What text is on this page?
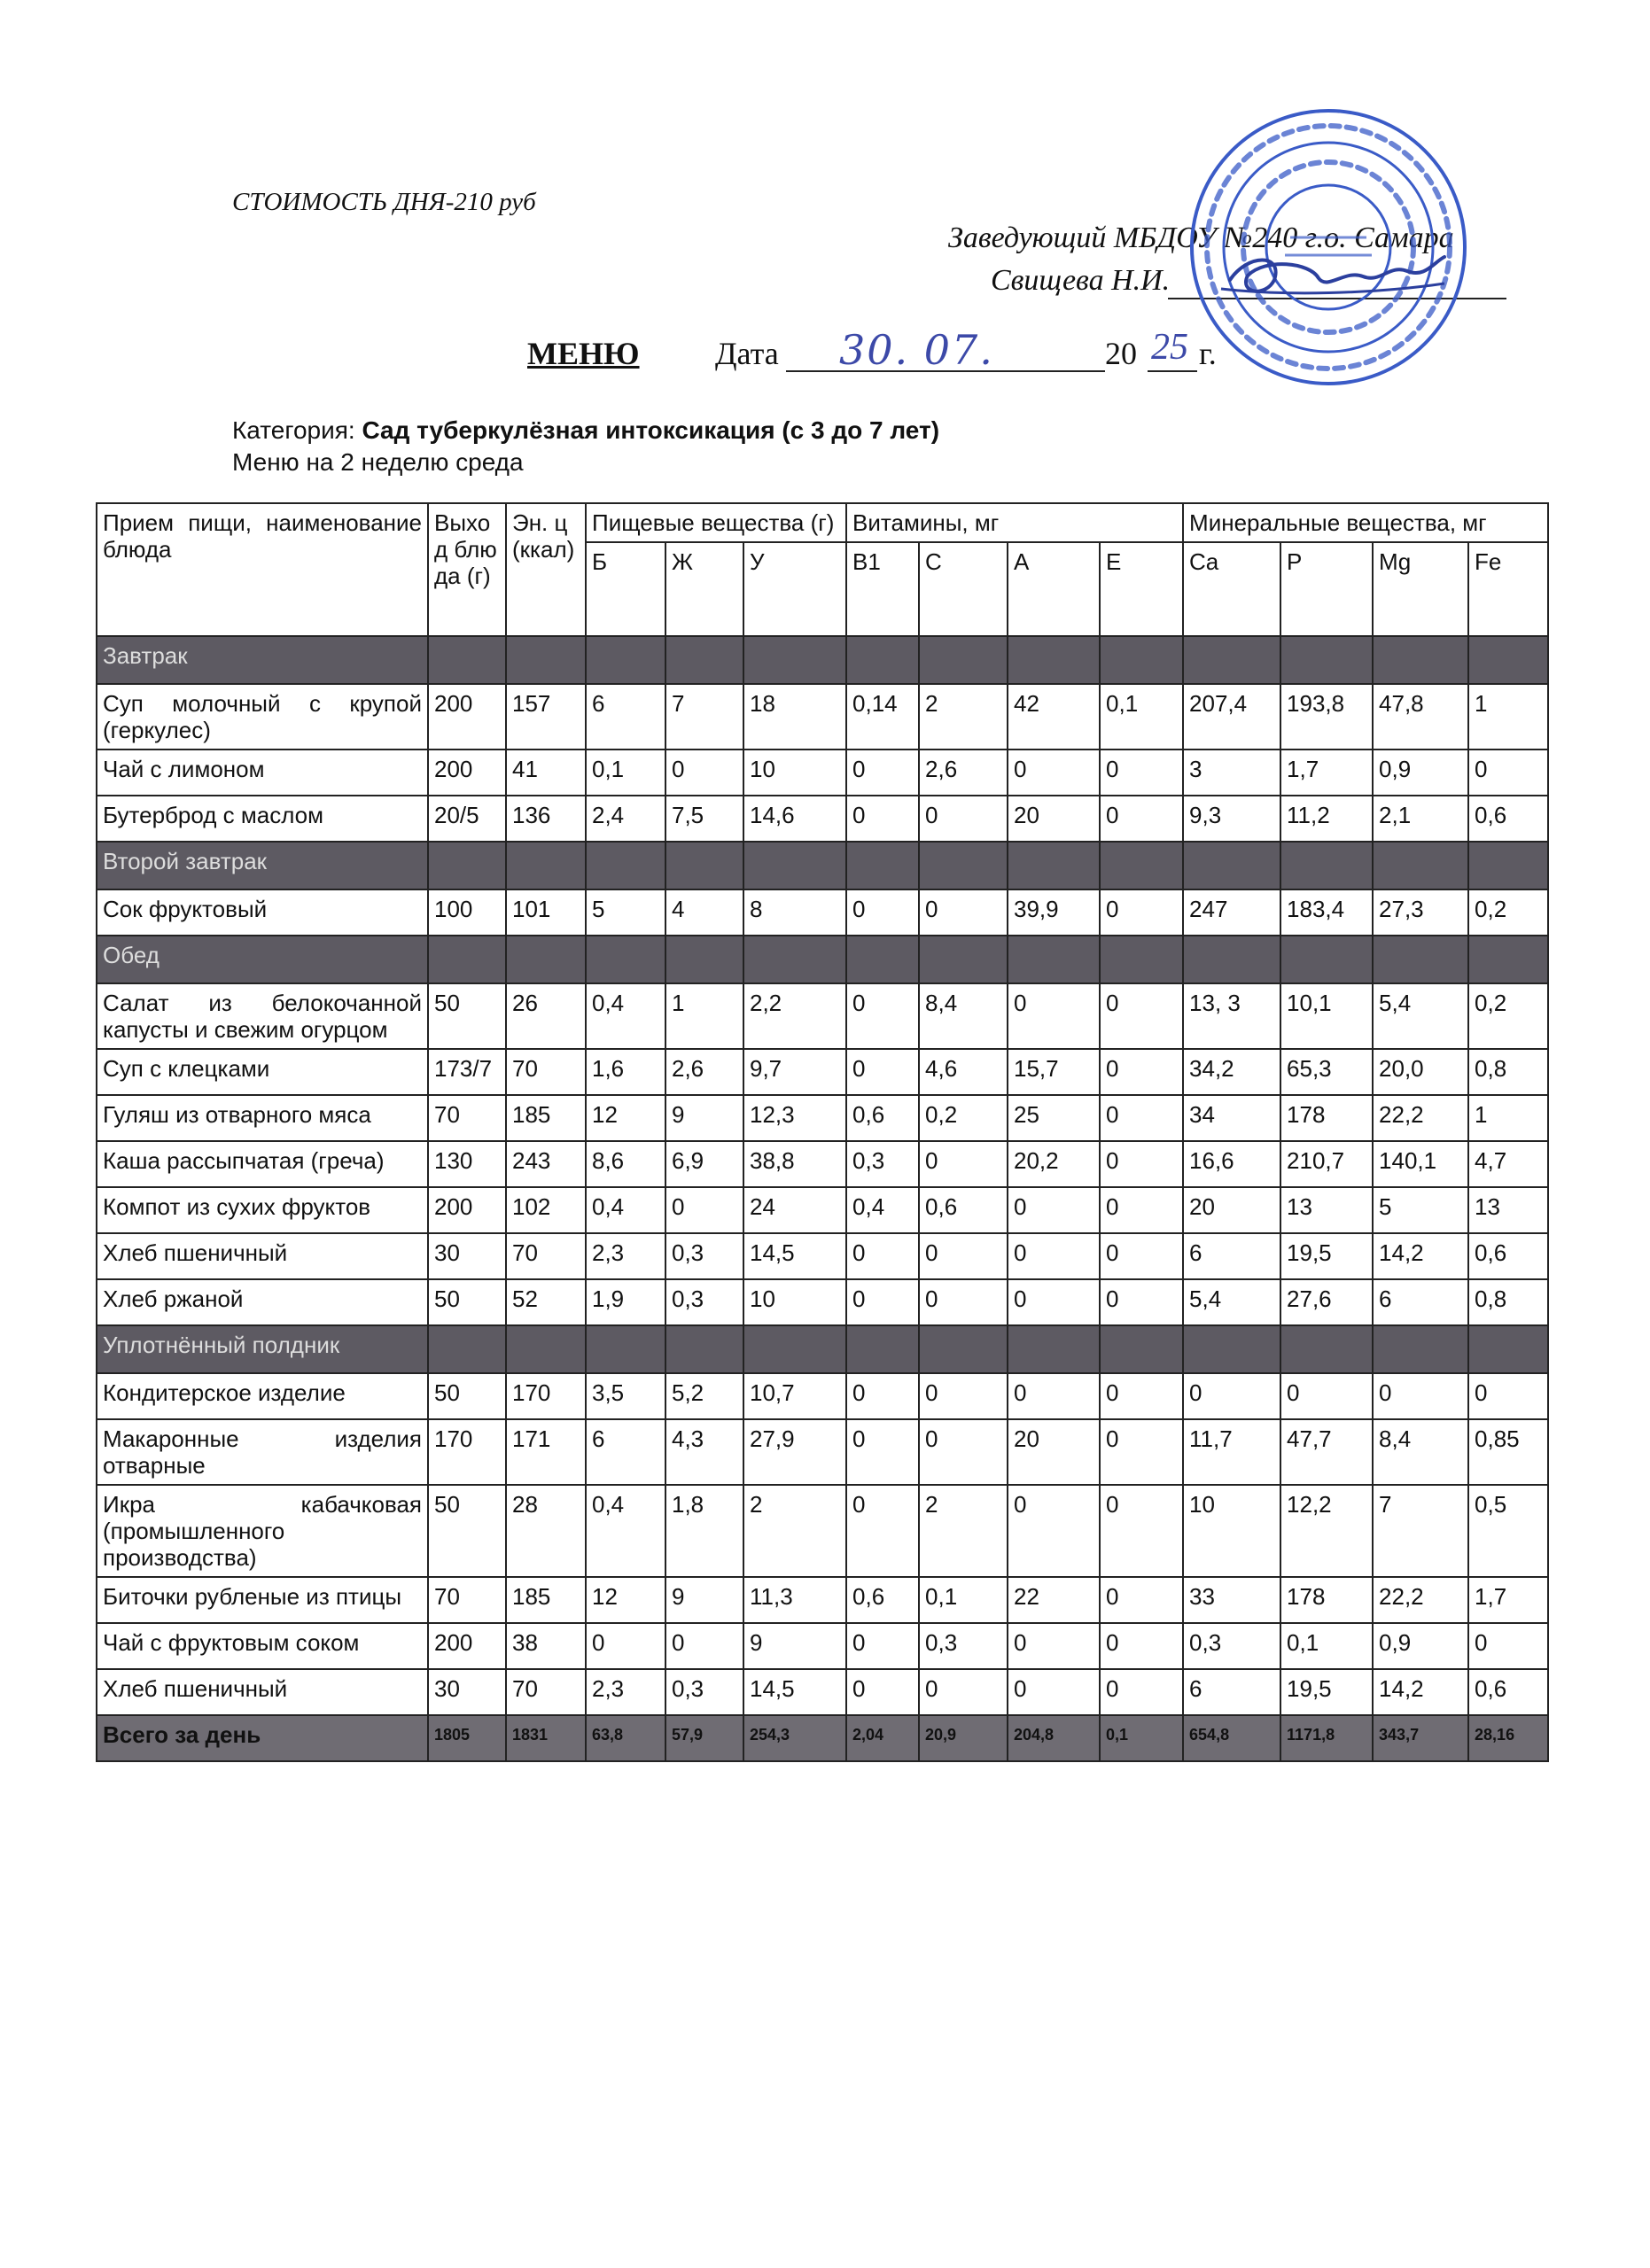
СТОИМОСТЬ ДНЯ-210 руб
Заведующий МБДОУ №240 г.о. Самара
Свищева Н.И.
МЕНЮ Дата 30. 07.	20 25 г.
Категория: Сад туберкулёзная интоксикация (с 3 до 7 лет)
Меню на 2 неделю среда
Прием пищи, наименование блюда	Выход блюда (г)	Эн. ц (ккал)	Пищевые вещества (г)			Витамины, мг				Минеральные вещества, мг			
			Б	Ж	У	B1	C	A	E	Ca	P	Mg	Fe
Завтрак													
Суп молочный с крупой (геркулес)	200	157	6	7	18	0,14	2	42	0,1	207,4	193,8	47,8	1
Чай с лимоном	200	41	0,1	0	10	0	2,6	0	0	3	1,7	0,9	0
Бутерброд с маслом	20/5	136	2,4	7,5	14,6	0	0	20	0	9,3	11,2	2,1	0,6
Второй завтрак													
Сок фруктовый	100	101	5	4	8	0	0	39,9	0	247	183,4	27,3	0,2
Обед													
Салат из белокочанной капусты и свежим огурцом	50	26	0,4	1	2,2	0	8,4	0	0	13, 3	10,1	5,4	0,2
Суп с клецками	173/7	70	1,6	2,6	9,7	0	4,6	15,7	0	34,2	65,3	20,0	0,8
Гуляш из отварного мяса	70	185	12	9	12,3	0,6	0,2	25	0	34	178	22,2	1
Каша рассыпчатая (греча)	130	243	8,6	6,9	38,8	0,3	0	20,2	0	16,6	210,7	140,1	4,7
Компот из сухих фруктов	200	102	0,4	0	24	0,4	0,6	0	0	20	13	5	13
Хлеб пшеничный	30	70	2,3	0,3	14,5	0	0	0	0	6	19,5	14,2	0,6
Хлеб ржаной	50	52	1,9	0,3	10	0	0	0	0	5,4	27,6	6	0,8
Уплотнённый полдник													
Кондитерское изделие	50	170	3,5	5,2	10,7	0	0	0	0	0	0	0	0
Макаронные изделия отварные	170	171	6	4,3	27,9	0	0	20	0	11,7	47,7	8,4	0,85
Икра кабачковая (промышленного производства)	50	28	0,4	1,8	2	0	2	0	0	10	12,2	7	0,5
Биточки рубленые из птицы	70	185	12	9	11,3	0,6	0,1	22	0	33	178	22,2	1,7
Чай с фруктовым соком	200	38	0	0	9	0	0,3	0	0	0,3	0,1	0,9	0
Хлеб пшеничный	30	70	2,3	0,3	14,5	0	0	0	0	6	19,5	14,2	0,6
Всего за день	1805	1831	63,8	57,9	254,3	2,04	20,9	204,8	0,1	654,8	1171,8	343,7	28,16
